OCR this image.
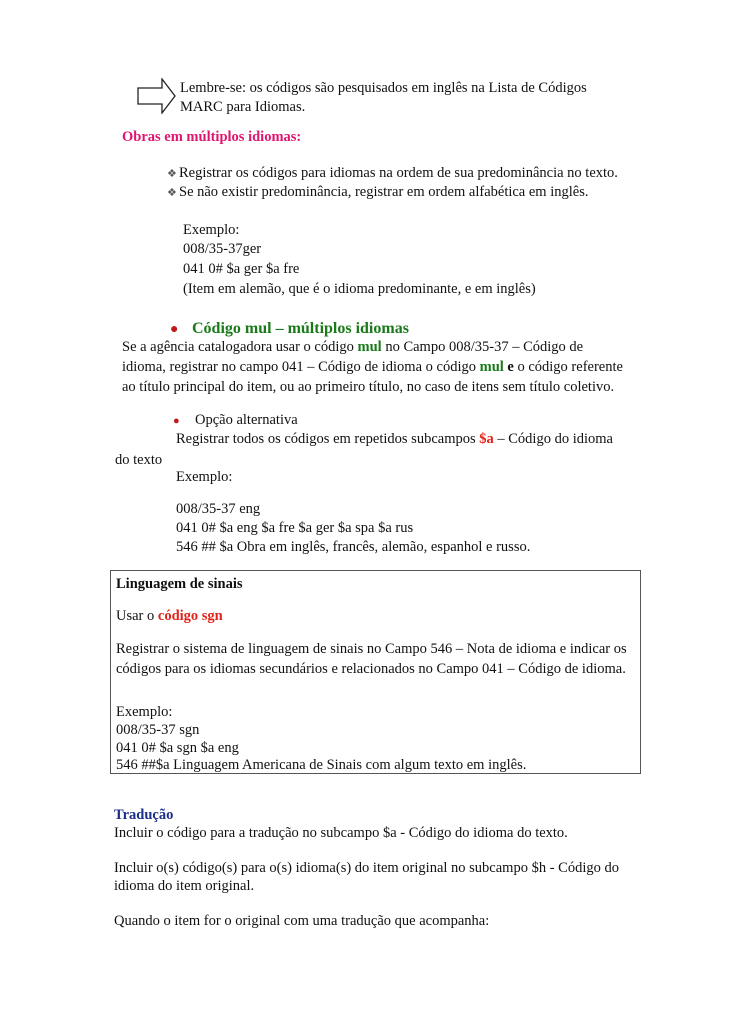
Lembre-se: os códigos são pesquisados em inglês na Lista de Códigos
MARC para Idiomas.
Obras em múltiplos idiomas:
❖ Registrar os códigos para idiomas na ordem de sua predominância no texto.
❖ Se não existir predominância, registrar em ordem alfabética em inglês.
Exemplo:
008/35-37ger
041 0# $a ger $a fre
(Item em alemão, que é o idioma predominante, e em inglês)
● Código mul – múltiplos idiomas
Se a agência catalogadora usar o código mul no Campo 008/35-37 – Código de
idioma, registrar no campo 041 – Código de idioma o código mul e o código referente
ao título principal do item, ou ao primeiro título, no caso de itens sem título coletivo.
● Opção alternativa
Registrar todos os códigos em repetidos subcampos $a – Código do idioma
do texto
Exemplo:
008/35-37 eng
041 0# $a eng $a fre $a ger $a spa $a rus
546 ## $a Obra em inglês, francês, alemão, espanhol e russo.
Linguagem de sinais
Usar o código sgn
Registrar o sistema de linguagem de sinais no Campo 546 – Nota de idioma e indicar os
códigos para os idiomas secundários e relacionados no Campo 041 – Código de idioma.
Exemplo:
008/35-37 sgn
041 0# $a sgn $a eng
546 ##$a Linguagem Americana de Sinais com algum texto em inglês.
Tradução
Incluir o código para a tradução no subcampo $a - Código do idioma do texto.
Incluir o(s) código(s) para o(s) idioma(s) do item original no subcampo $h - Código do
idioma do item original.
Quando o item for o original com uma tradução que acompanha:
